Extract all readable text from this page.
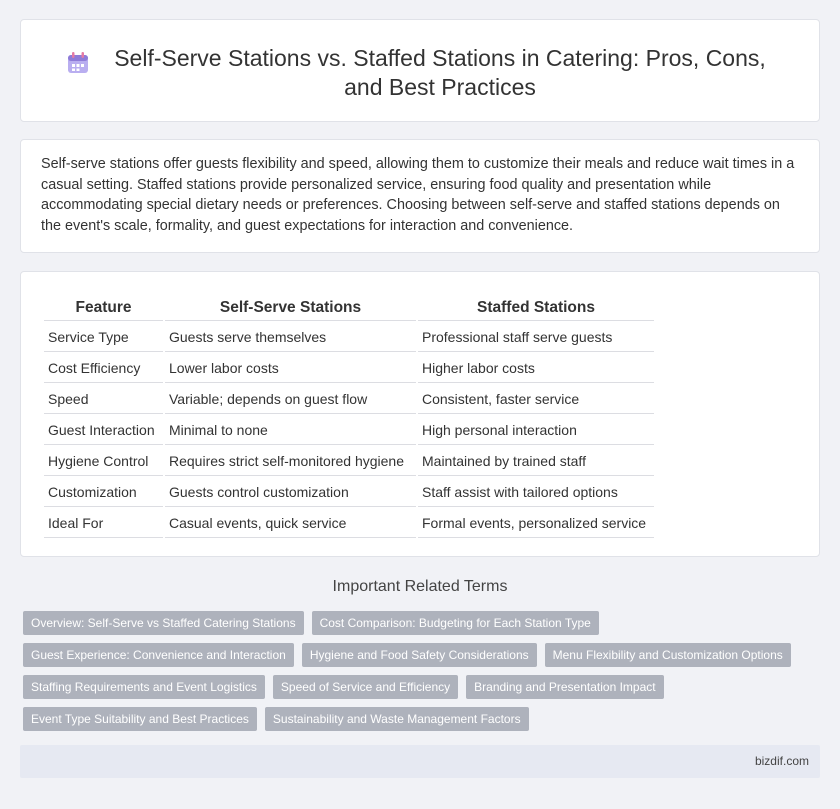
Self-Serve Stations vs. Staffed Stations in Catering: Pros, Cons, and Best Practices

Self-serve stations offer guests flexibility and speed, allowing them to customize their meals and reduce wait times in a casual setting. Staffed stations provide personalized service, ensuring food quality and presentation while accommodating special dietary needs or preferences. Choosing between self-serve and staffed stations depends on the event's scale, formality, and guest expectations for interaction and convenience.

Feature	Self-Serve Stations	Staffed Stations
Service Type	Guests serve themselves	Professional staff serve guests
Cost Efficiency	Lower labor costs	Higher labor costs
Speed	Variable; depends on guest flow	Consistent, faster service
Guest Interaction	Minimal to none	High personal interaction
Hygiene Control	Requires strict self-monitored hygiene	Maintained by trained staff
Customization	Guests control customization	Staff assist with tailored options
Ideal For	Casual events, quick service	Formal events, personalized service
Important Related Terms
Overview: Self-Serve vs Staffed Catering Stations	Cost Comparison: Budgeting for Each Station Type
Guest Experience: Convenience and Interaction	Hygiene and Food Safety Considerations	Menu Flexibility and Customization Options
Staffing Requirements and Event Logistics	Speed of Service and Efficiency	Branding and Presentation Impact
Event Type Suitability and Best Practices	Sustainability and Waste Management Factors
bizdif.com
